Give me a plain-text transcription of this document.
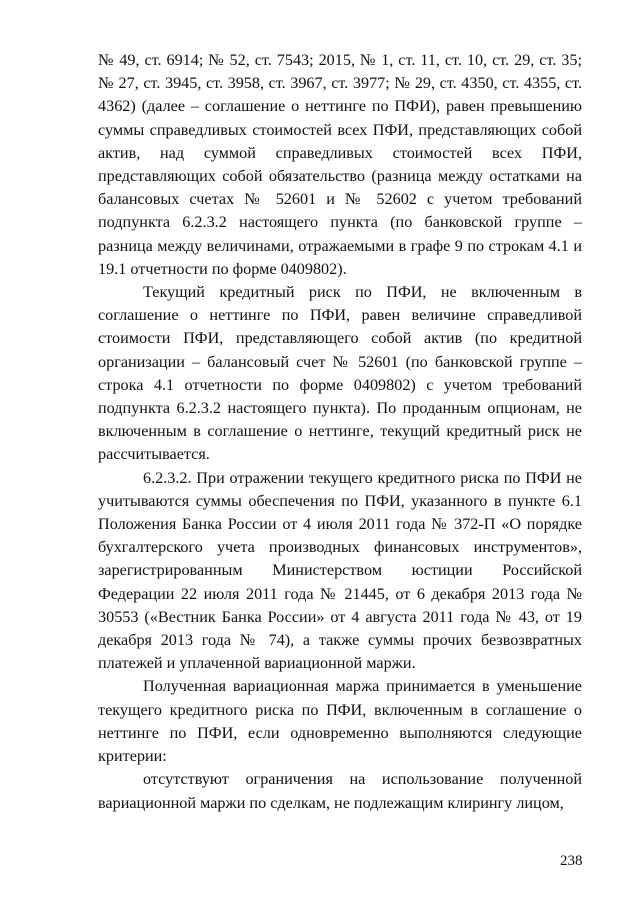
№ 49, ст. 6914; № 52, ст. 7543; 2015, № 1, ст. 11, ст. 10, ст. 29, ст. 35; № 27, ст. 3945, ст. 3958, ст. 3967, ст. 3977; № 29, ст. 4350, ст. 4355, ст. 4362) (далее – соглашение о неттинге по ПФИ), равен превышению суммы справедливых стоимостей всех ПФИ, представляющих собой актив, над суммой справедливых стоимостей всех ПФИ, представляющих собой обязательство (разница между остатками на балансовых счетах № 52601 и № 52602 с учетом требований подпункта 6.2.3.2 настоящего пункта (по банковской группе – разница между величинами, отражаемыми в графе 9 по строкам 4.1 и 19.1 отчетности по форме 0409802).

Текущий кредитный риск по ПФИ, не включенным в соглашение о неттинге по ПФИ, равен величине справедливой стоимости ПФИ, представляющего собой актив (по кредитной организации – балансовый счет № 52601 (по банковской группе – строка 4.1 отчетности по форме 0409802) с учетом требований подпункта 6.2.3.2 настоящего пункта). По проданным опционам, не включенным в соглашение о неттинге, текущий кредитный риск не рассчитывается.

6.2.3.2. При отражении текущего кредитного риска по ПФИ не учитываются суммы обеспечения по ПФИ, указанного в пункте 6.1 Положения Банка России от 4 июля 2011 года № 372-П «О порядке бухгалтерского учета производных финансовых инструментов», зарегистрированным Министерством юстиции Российской Федерации 22 июля 2011 года № 21445, от 6 декабря 2013 года № 30553 («Вестник Банка России» от 4 августа 2011 года № 43, от 19 декабря 2013 года № 74), а также суммы прочих безвозвратных платежей и уплаченной вариационной маржи.

Полученная вариационная маржа принимается в уменьшение текущего кредитного риска по ПФИ, включенным в соглашение о неттинге по ПФИ, если одновременно выполняются следующие критерии:

отсутствуют ограничения на использование полученной вариационной маржи по сделкам, не подлежащим клирингу лицом,

238
